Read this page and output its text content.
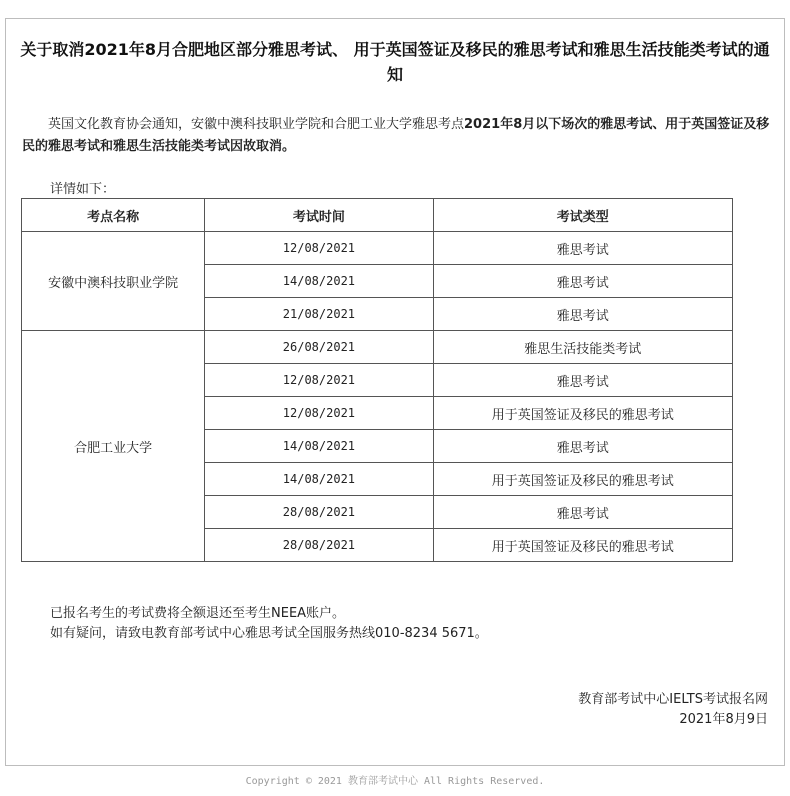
关于取消2021年8月合肥地区部分雅思考试、 用于英国签证及移民的雅思考试和雅思生活技能类考试的通知

英国文化教育协会通知，安徽中澳科技职业学院和合肥工业大学雅思考点2021年8月以下场次的雅思考试、用于英国签证及移民的雅思考试和雅思生活技能类考试因故取消。

详情如下：

考点名称	考试时间	考试类型
安徽中澳科技职业学院	12/08/2021	雅思考试
	14/08/2021	雅思考试
	21/08/2021	雅思考试
合肥工业大学	26/08/2021	雅思生活技能类考试
	12/08/2021	雅思考试
	12/08/2021	用于英国签证及移民的雅思考试
	14/08/2021	雅思考试
	14/08/2021	用于英国签证及移民的雅思考试
	28/08/2021	雅思考试
	28/08/2021	用于英国签证及移民的雅思考试

已报名考生的考试费将全额退还至考生NEEA账户。

如有疑问，请致电教育部考试中心雅思考试全国服务热线010-8234 5671。

教育部考试中心IELTS考试报名网

2021年8月9日

Copyright © 2021 教育部考试中心 All Rights Reserved.
